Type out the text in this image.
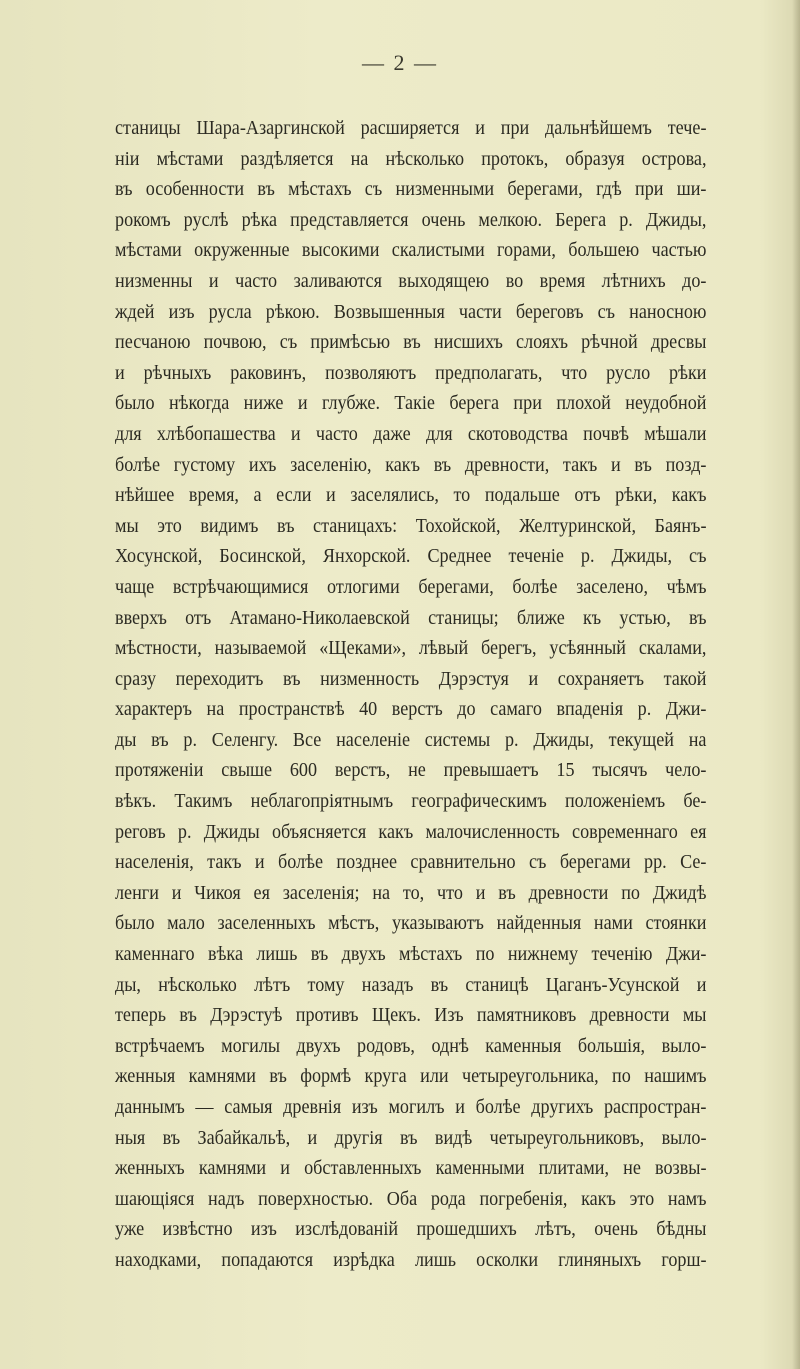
— 2 —
станицы Шара-Азаргинской расширяется и при дальнѣйшемъ тече-
ніи мѣстами раздѣляется на нѣсколько протокъ, образуя острова,
въ особенности въ мѣстахъ съ низменными берегами, гдѣ при ши-
рокомъ руслѣ рѣка представляется очень мелкою. Берега р. Джиды,
мѣстами окруженные высокими скалистыми горами, большею частью
низменны и часто заливаются выходящею во время лѣтнихъ до-
ждей изъ русла рѣкою. Возвышенныя части береговъ съ наносною
песчаною почвою, съ примѣсью въ нисшихъ слояхъ рѣчной дресвы
и рѣчныхъ раковинъ, позволяютъ предполагать, что русло рѣки
было нѣкогда ниже и глубже. Такіе берега при плохой неудобной
для хлѣбопашества и часто даже для скотоводства почвѣ мѣшали
болѣе густому ихъ заселенію, какъ въ древности, такъ и въ позд-
нѣйшее время, а если и заселялись, то подальше отъ рѣки, какъ
мы это видимъ въ станицахъ: Тохойской, Желтуринской, Баянъ-
Хосунской, Босинской, Янхорской. Среднее теченіе р. Джиды, съ
чаще встрѣчающимися отлогими берегами, болѣе заселено, чѣмъ
вверхъ отъ Атамано-Николаевской станицы; ближе къ устью, въ
мѣстности, называемой «Щеками», лѣвый берегъ, усѣянный скалами,
сразу переходитъ въ низменность Дэрэстуя и сохраняетъ такой
характеръ на пространствѣ 40 верстъ до самаго впаденія р. Джи-
ды въ р. Селенгу. Все населеніе системы р. Джиды, текущей на
протяженіи свыше 600 верстъ, не превышаетъ 15 тысячъ чело-
вѣкъ. Такимъ неблагопріятнымъ географическимъ положеніемъ бе-
реговъ р. Джиды объясняется какъ малочисленность современнаго ея
населенія, такъ и болѣе позднее сравнительно съ берегами рр. Се-
ленги и Чикоя ея заселенія; на то, что и въ древности по Джидѣ
было мало заселенныхъ мѣстъ, указываютъ найденныя нами стоянки
каменнаго вѣка лишь въ двухъ мѣстахъ по нижнему теченію Джи-
ды, нѣсколько лѣтъ тому назадъ въ станицѣ Цаганъ-Усунской и
теперь въ Дэрэстуѣ противъ Щекъ. Изъ памятниковъ древности мы
встрѣчаемъ могилы двухъ родовъ, однѣ каменныя большія, выло-
женныя камнями въ формѣ круга или четыреугольника, по нашимъ
даннымъ — самыя древнія изъ могилъ и болѣе другихъ распростран-
ныя въ Забайкальѣ, и другія въ видѣ четыреугольниковъ, выло-
женныхъ камнями и обставленныхъ каменными плитами, не возвы-
шающіяся надъ поверхностью. Оба рода погребенія, какъ это намъ
уже извѣстно изъ изслѣдованій прошедшихъ лѣтъ, очень бѣдны
находками, попадаются изрѣдка лишь осколки глиняныхъ горш-
